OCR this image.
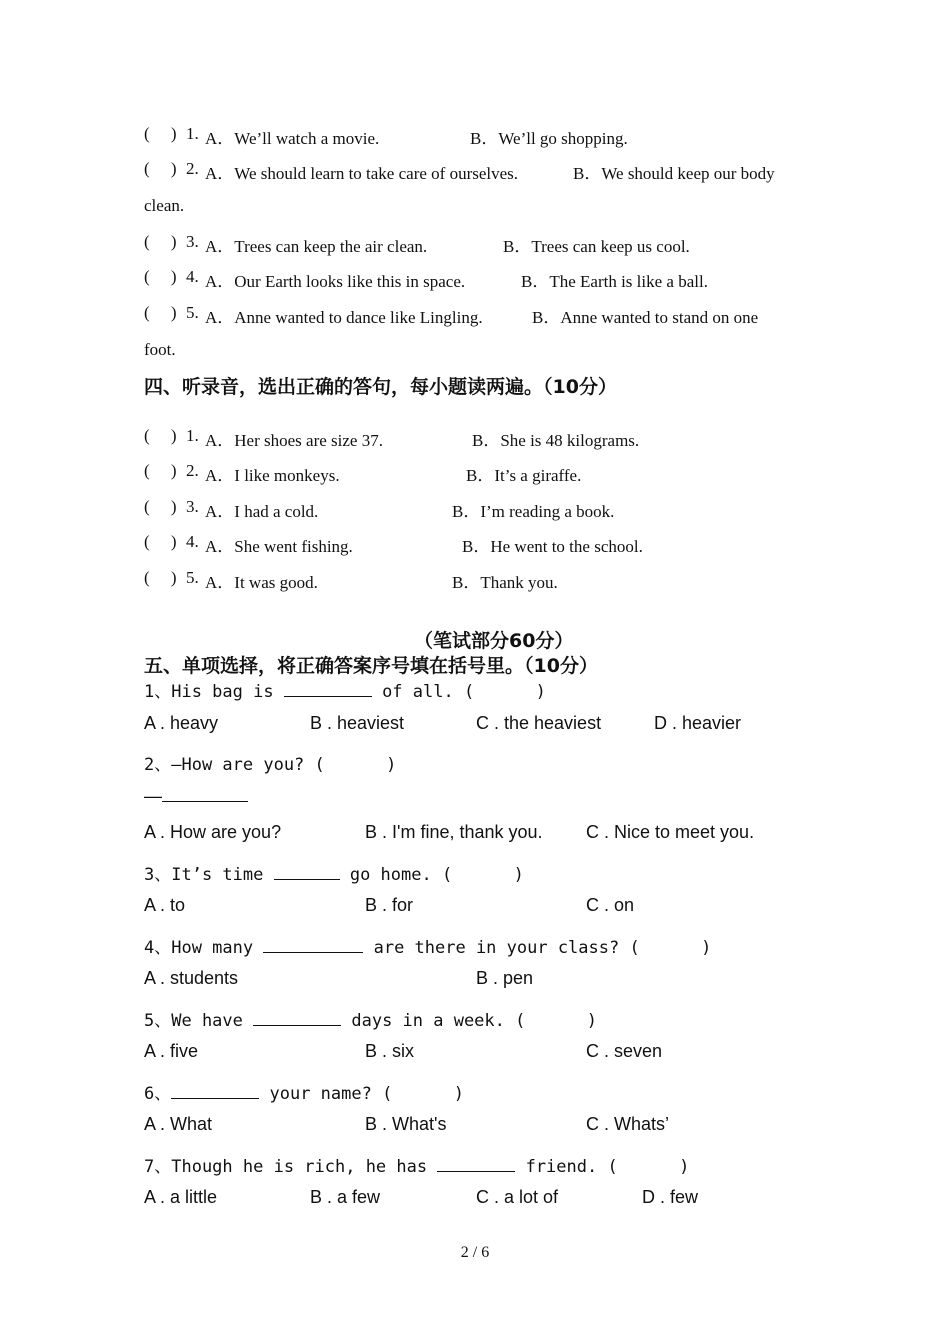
(     ) 1. A．We’ll watch a movie.	B．We’ll go shopping.
(     ) 2. A．We should learn to take care of ourselves.	B．We should keep our body
clean.
(     ) 3. A．Trees can keep the air clean.	B．Trees can keep us cool.
(     ) 4. A．Our Earth looks like this in space.	B．The Earth is like a ball.
(     ) 5. A．Anne wanted to dance like Lingling.	B．Anne wanted to stand on one
foot.
四、听录音，选出正确的答句，每小题读两遍。（10分）
(     ) 1. A．Her shoes are size 37.	B．She is 48 kilograms.
(     ) 2. A．I like monkeys.	B．It’s a giraffe.
(     ) 3. A．I had a cold.	B．I’m reading a book.
(     ) 4. A．She went fishing.	B．He went to the school.
(     ) 5. A．It was good.	B．Thank you.
（笔试部分60分）
五、单项选择，将正确答案序号填在括号里。（10分）
1、His bag is	of all. (      )
A . heavy	B . heaviest	C . the heaviest	D . heavier
2、—How are you? (      )
—
A . How are you?	B . I'm fine, thank you. C . Nice to meet you.
3、It’s time	go home. (      )
A . to	B . for	C . on
4、How many	are there in your class? (      )
A . students	B . pen
5、We have	days in a week. (      )
A . five	B . six	C . seven
6、	your name? (      )
A . What	B . What's	C . Whats’
7、Though he is rich, he has	friend. (      )
A . a little	B . a few	C . a lot of	D . few
2 / 6
